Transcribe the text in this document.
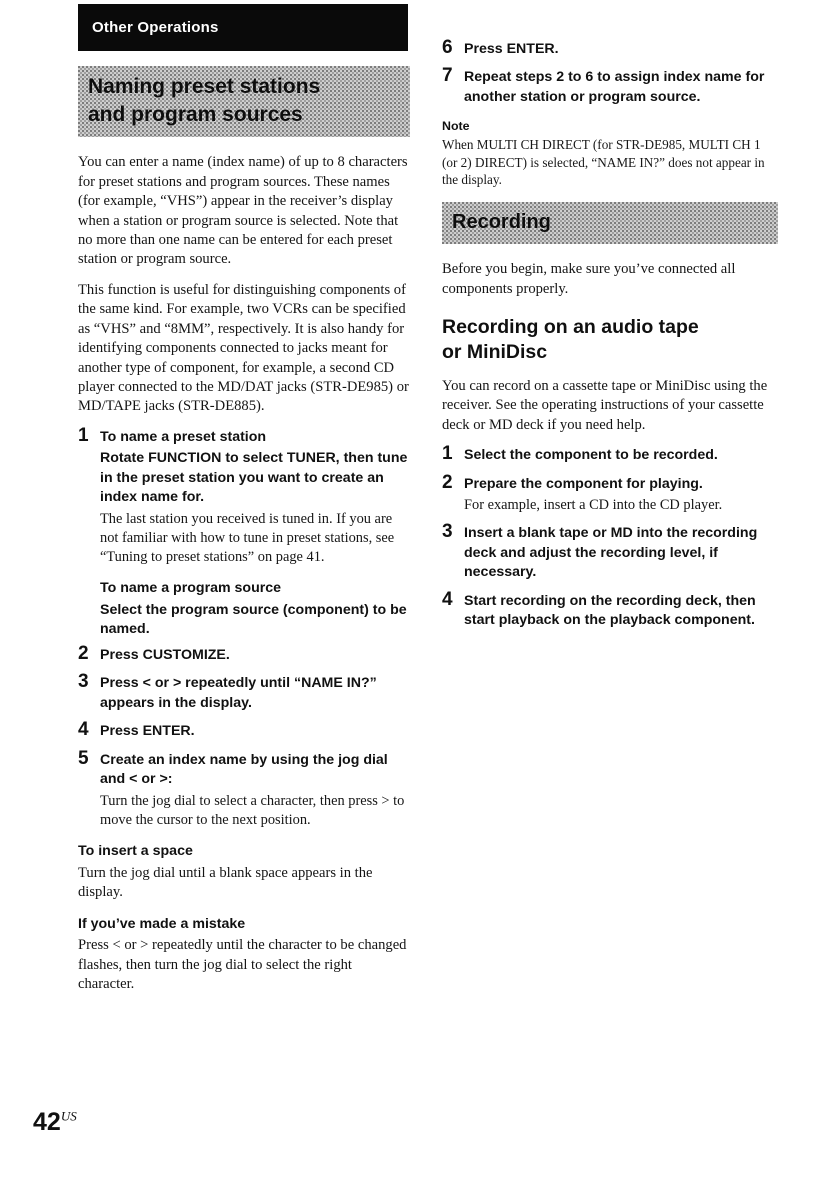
Other Operations
Naming preset stations
and program sources

You can enter a name (index name) of up to 8 characters for preset stations and program sources. These names (for example, “VHS”) appear in the receiver’s display when a station or program source is selected. Note that no more than one name can be entered for each preset station or program source.

This function is useful for distinguishing components of the same kind. For example, two VCRs can be specified as “VHS” and “8MM”, respectively. It is also handy for identifying components connected to jacks meant for another type of component, for example, a second CD player connected to the MD/DAT jacks (STR-DE985) or MD/TAPE jacks (STR-DE885).

1 To name a preset station
Rotate FUNCTION to select TUNER, then tune in the preset station you want to create an index name for.
The last station you received is tuned in. If you are not familiar with how to tune in preset stations, see “Tuning to preset stations” on page 41.
To name a program source
Select the program source (component) to be named.
2 Press CUSTOMIZE.
3 Press < or > repeatedly until “NAME IN?” appears in the display.
4 Press ENTER.
5 Create an index name by using the jog dial and < or >:
Turn the jog dial to select a character, then press > to move the cursor to the next position.
To insert a space

Turn the jog dial until a blank space appears in the display.

If you’ve made a mistake

Press < or > repeatedly until the character to be changed flashes, then turn the jog dial to select the right character.

6 Press ENTER.
7 Repeat steps 2 to 6 to assign index name for another station or program source.
Note
When MULTI CH DIRECT (for STR-DE985, MULTI CH 1 (or 2) DIRECT) is selected, “NAME IN?” does not appear in the display.
Recording

Before you begin, make sure you’ve connected all components properly.

Recording on an audio tape
or MiniDisc

You can record on a cassette tape or MiniDisc using the receiver. See the operating instructions of your cassette deck or MD deck if you need help.

1 Select the component to be recorded.
2 Prepare the component for playing.
For example, insert a CD into the CD player.
3 Insert a blank tape or MD into the recording deck and adjust the recording level, if necessary.
4 Start recording on the recording deck, then start playback on the playback component.
$42^{US}$
